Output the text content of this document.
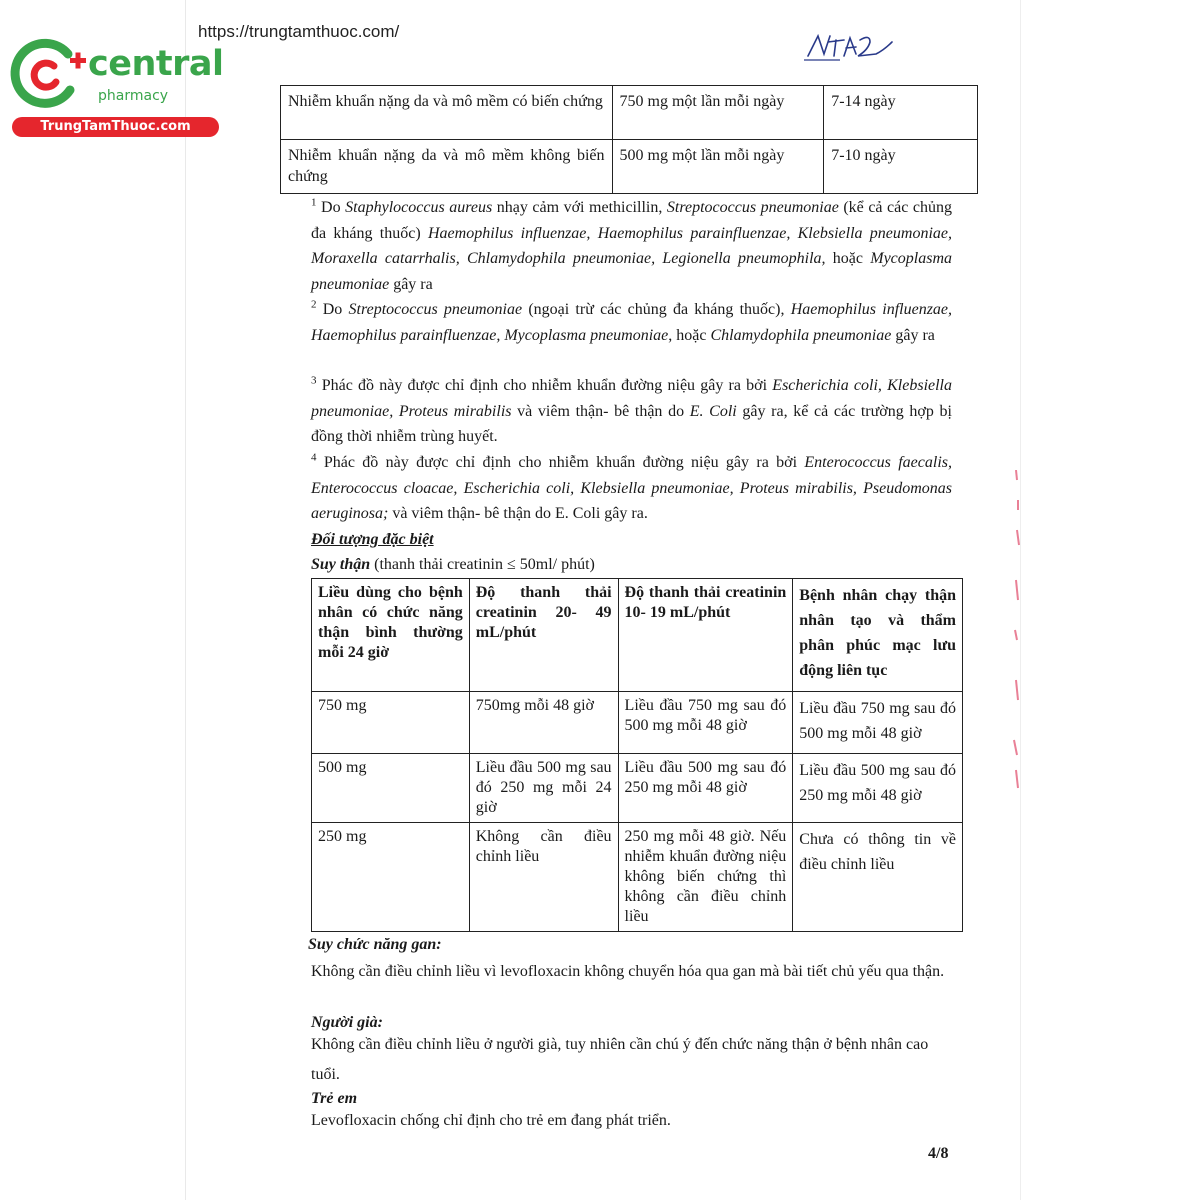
central
pharmacy
TrungTamThuoc.com
https://trungtamthuoc.com/
Nhiễm khuẩn nặng da và mô mềm có biến chứng	750 mg một lần mỗi ngày	7-14 ngày
Nhiễm khuẩn nặng da và mô mềm không biến chứng	500 mg một lần mỗi ngày	7-10 ngày
$^1$ Do Staphylococcus aureus nhạy cảm với methicillin, Streptococcus pneumoniae (kể cả các chủng đa kháng thuốc) Haemophilus influenzae, Haemophilus parainfluenzae, Klebsiella pneumoniae, Moraxella catarrhalis, Chlamydophila pneumoniae, Legionella pneumophila, hoặc Mycoplasma pneumoniae gây ra
$^2$ Do Streptococcus pneumoniae (ngoại trừ các chủng đa kháng thuốc), Haemophilus influenzae, Haemophilus parainfluenzae, Mycoplasma pneumoniae, hoặc Chlamydophila pneumoniae gây ra
$^3$ Phác đồ này được chỉ định cho nhiễm khuẩn đường niệu gây ra bởi Escherichia coli, Klebsiella pneumoniae, Proteus mirabilis và viêm thận- bê thận do E. Coli gây ra, kể cả các trường hợp bị đồng thời nhiễm trùng huyết.
$^4$ Phác đồ này được chỉ định cho nhiễm khuẩn đường niệu gây ra bởi Enterococcus faecalis, Enterococcus cloacae, Escherichia coli, Klebsiella pneumoniae, Proteus mirabilis, Pseudomonas aeruginosa; và viêm thận- bê thận do E. Coli gây ra.
Đối tượng đặc biệt
Suy thận (thanh thải creatinin ≤ 50ml/ phút)
Liều dùng cho bệnh nhân có chức năng thận bình thường mỗi 24 giờ	Độ thanh thải creatinin 20- 49 mL/phút	Độ thanh thải creatinin 10- 19 mL/phút	Bệnh nhân chạy thận nhân tạo và thẩm phân phúc mạc lưu động liên tục
750 mg	750mg mỗi 48 giờ	Liều đầu 750 mg sau đó 500 mg mỗi 48 giờ	Liều đầu 750 mg sau đó 500 mg mỗi 48 giờ
500 mg	Liều đầu 500 mg sau đó 250 mg mỗi 24 giờ	Liều đầu 500 mg sau đó 250 mg mỗi 48 giờ	Liều đầu 500 mg sau đó 250 mg mỗi 48 giờ
250 mg	Không cần điều chỉnh liều	250 mg mỗi 48 giờ. Nếu nhiễm khuẩn đường niệu không biến chứng thì không cần điều chỉnh liều	Chưa có thông tin về điều chỉnh liều
Suy chức năng gan:
Không cần điều chỉnh liều vì levofloxacin không chuyển hóa qua gan mà bài tiết chủ yếu qua thận.
Người già:
Không cần điều chỉnh liều ở người già, tuy nhiên cần chú ý đến chức năng thận ở bệnh nhân cao tuổi.
Trẻ em
Levofloxacin chống chỉ định cho trẻ em đang phát triển.
4/8
